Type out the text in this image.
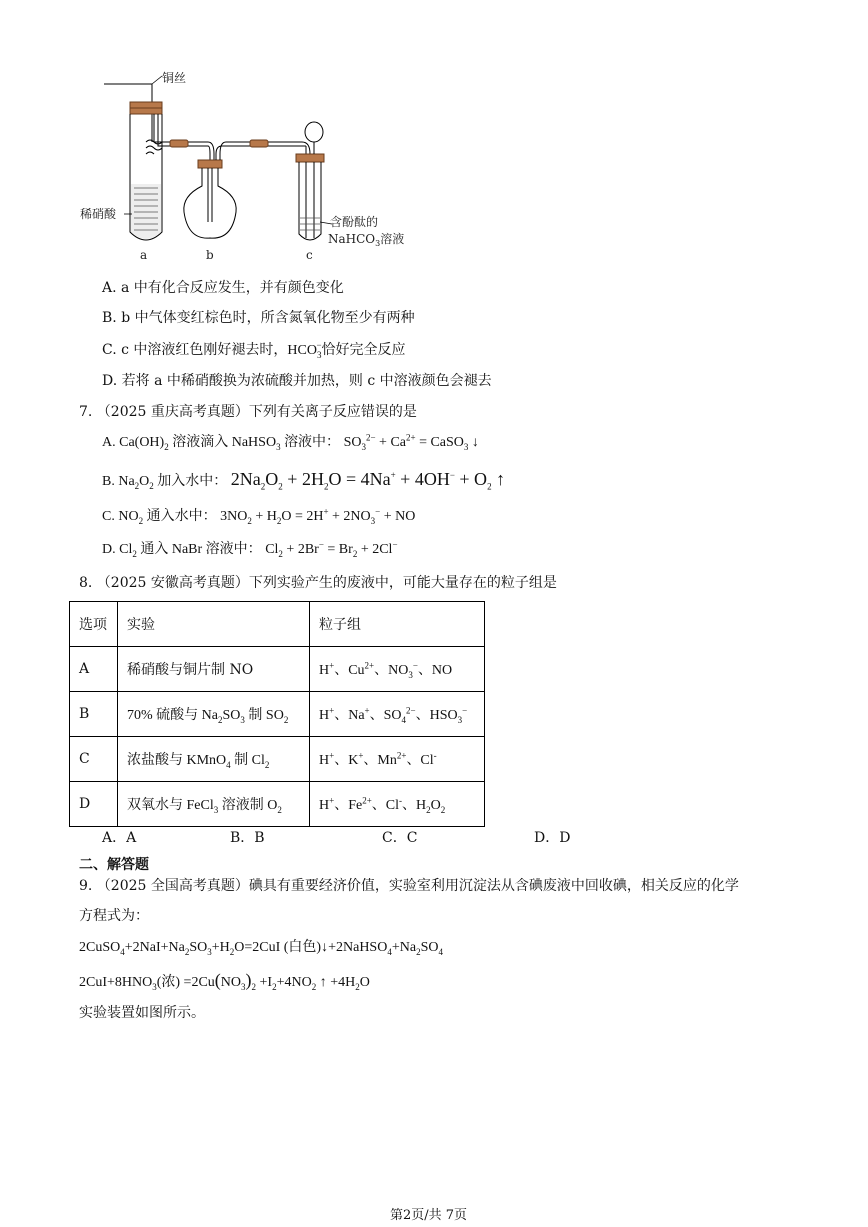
铜丝
稀硝酸
含酚酞的
NaHCO$_3$溶液
a	b	c
A. a 中有化合反应发生，并有颜色变化
B. b 中气体变红棕色时，所含氮氧化物至少有两种
C. c 中溶液红色刚好褪去时，$HCO_3^-$恰好完全反应
D. 若将 a 中稀硝酸换为浓硫酸并加热，则 c 中溶液颜色会褪去
7. （2025 重庆高考真题）下列有关离子反应错误的是
A. $Ca(OH)_2$ 溶液滴入 NaHSO$_3$ 溶液中： $SO_3^{2-} + Ca^{2+}$ = CaSO$_3$ ↓
B. $Na_2O_2$ 加入水中： $2Na_2O_2 + 2H_2O = 4Na^+ + 4OH^- + O_2$ ↑
C. $NO_2$ 通入水中： $3NO_2 + H_2O = 2H^+ + 2NO_3^-$ + NO
D. $Cl_2$ 通入 NaBr 溶液中： $Cl_2 + 2Br^- = Br_2 + 2Cl^-$
8. （2025 安徽高考真题）下列实验产生的废液中，可能大量存在的粒子组是
选项	实验	粒子组
A	稀硝酸与铜片制 NO	H+、$Cu^{2+}$、$NO_3^-$、NO
B	70% 硫酸与 $Na_2SO_3$ 制 $SO_2$	H+、Na+、$SO_4^{2-}$、$HSO_3^-$
C	浓盐酸与 KMnO$_4$ 制 $Cl_2$	H+、K+、$Mn^{2+}$、Cl-
D	双氧水与 FeCl$_3$ 溶液制 $O_2$	H+、$Fe^{2+}$、Cl-、$H_2O_2$
A．A	B．B	C．C	D．D
二、解答题
9. （2025 全国高考真题）碘具有重要经济价值，实验室利用沉淀法从含碘废液中回收碘，相关反应的化学
方程式为：
$2CuSO_4+2NaI+Na_2SO_3+H_2O=2CuI$ (白色)$↓+2NaHSO_4+Na_2SO_4$
$2CuI+8HNO_3$(浓) $=2Cu(NO_3)_2 +I_2+4NO_2$ ↑ $+4H_2O$
实验装置如图所示。
第2页/共 7页
